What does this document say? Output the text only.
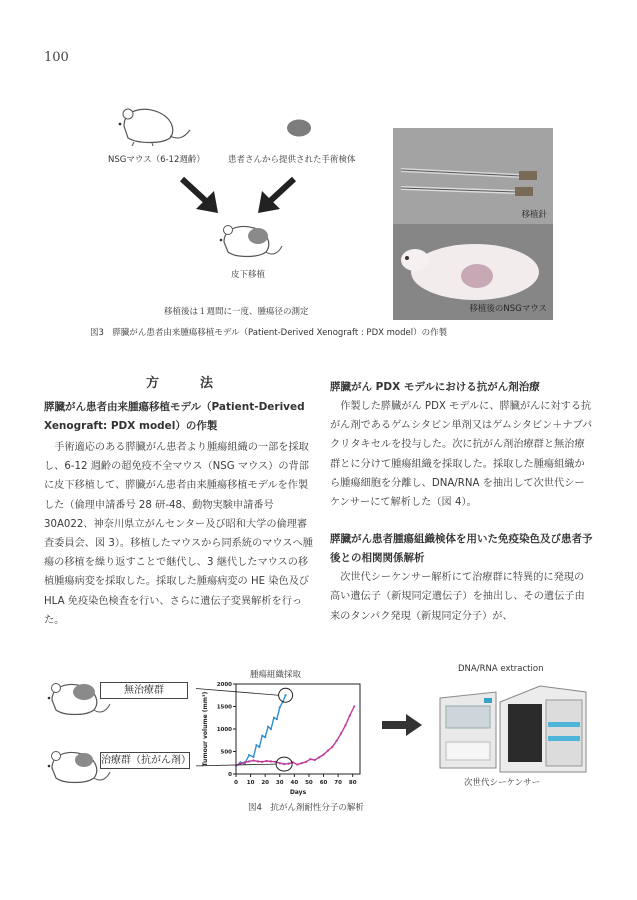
100
NSGマウス（6-12週齢）	患者さんから提供された手術検体
皮下移植
移植後は１週間に一度、腫瘍径の測定
移植針
移植後のNSGマウス
図3　膵臓がん患者由来腫瘍移植モデル（Patient-Derived Xenograft : PDX model）の作製
方　法
膵臓がん患者由来腫瘍移植モデル（Patient-Derived Xenograft: PDX model）の作製

手術適応のある膵臓がん患者より腫瘍組織の一部を採取し、6-12 週齢の超免疫不全マウス（NSG マウス）の背部に皮下移植して、膵臓がん患者由来腫瘍移植モデルを作製した（倫理申請番号 28 研-48、動物実験申請番号 30A022、神奈川県立がんセンター及び昭和大学の倫理審査委員会、図 3）。移植したマウスから同系統のマウスへ腫瘍の移植を繰り返すことで継代し、3 継代したマウスの移植腫瘍病変を採取した。採取した腫瘍病変の HE 染色及び HLA 免疫染色検査を行い、さらに遺伝子変異解析を行った。

膵臓がん PDX モデルにおける抗がん剤治療

作製した膵臓がん PDX モデルに、膵臓がんに対する抗がん剤であるゲムシタビン単剤又はゲムシタビン＋ナブパクリタキセルを投与した。次に抗がん剤治療群と無治療群とに分けて腫瘍組織を採取した。採取した腫瘍組織から腫瘍細胞を分離し、DNA/RNA を抽出して次世代シーケンサーにて解析した（図 4）。

膵臓がん患者腫瘍組織検体を用いた免疫染色及び患者予後との相関関係解析

次世代シーケンサー解析にて治療群に特異的に発現の高い遺伝子（新規同定遺伝子）を抽出し、その遺伝子由来のタンパク発現（新規同定分子）が、

無治療群
治療群（抗がん剤）
腫瘍組織採取
0 10 20 30 40 50 60 70 80
0
500
1000
1500
2000
Days
Tumour volume (mm³)
DNA/RNA extraction
次世代シーケンサー
図4　抗がん剤耐性分子の解析
